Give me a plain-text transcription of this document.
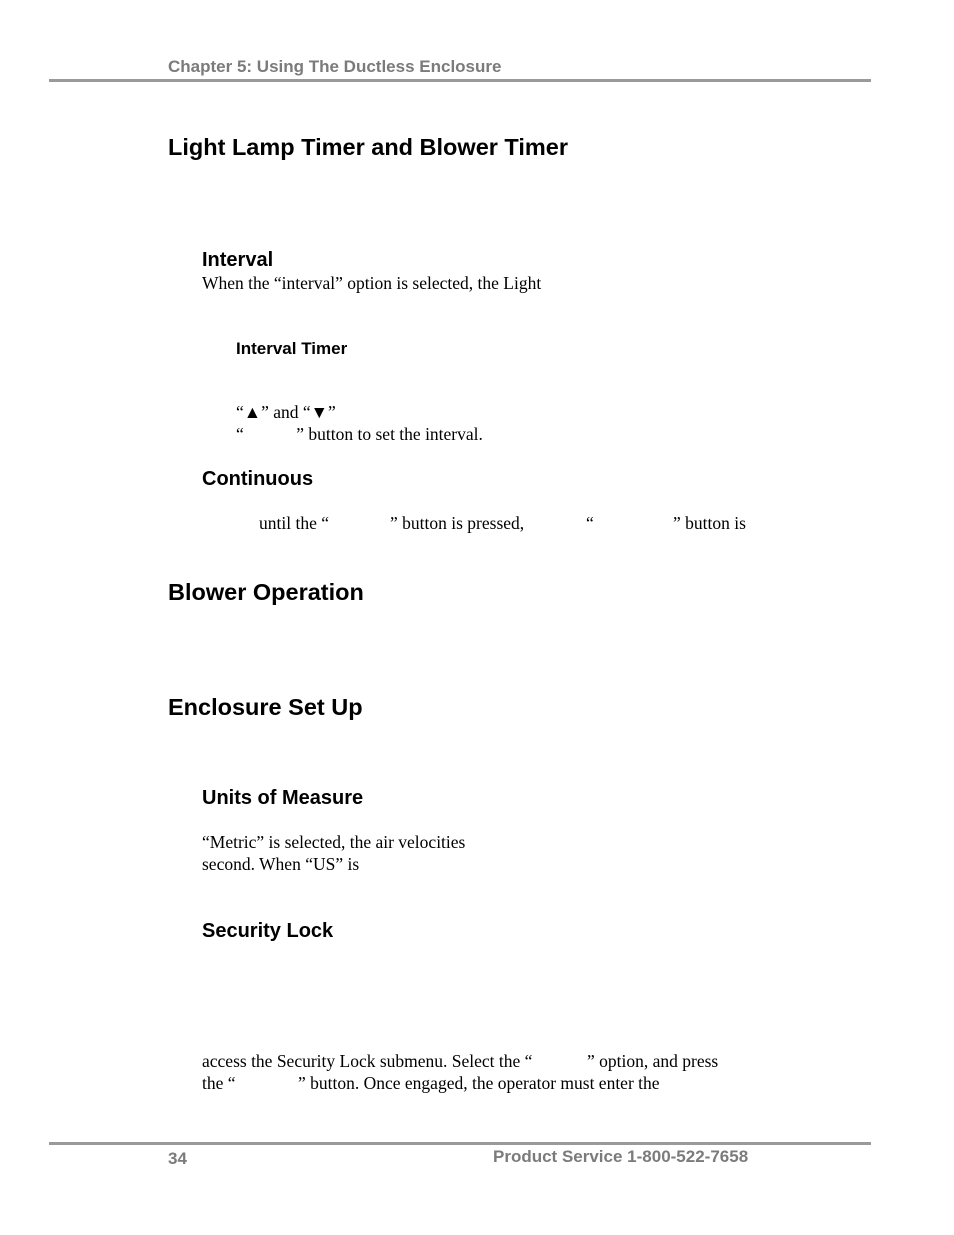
Chapter 5: Using The Ductless Enclosure
Light Lamp Timer and Blower Timer
Interval
When the “interval” option is selected, the Light
Interval Timer
“▲” and “▼”
“            ” button to set the interval.
Continuous
until the “	” button is pressed,	“	” button is
Blower Operation
Enclosure Set Up
Units of Measure
“Metric” is selected, the air velocities
second. When “US” is
Security Lock
access the Security Lock submenu. Select the “	” option, and press
the “	” button. Once engaged, the operator must enter the
34	Product Service 1-800-522-7658
